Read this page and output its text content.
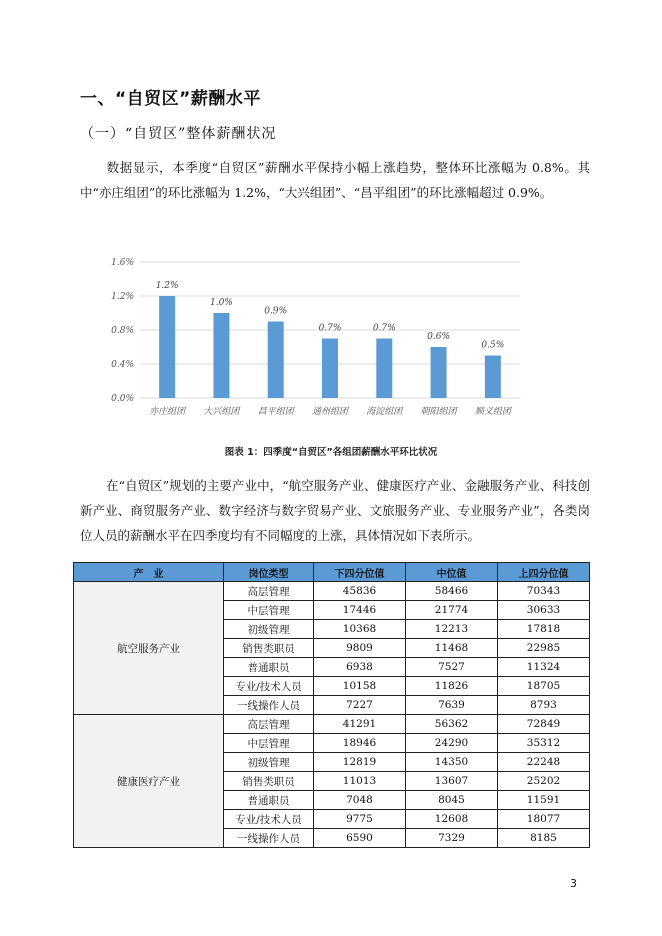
一、“自贸区”薪酬水平
（一）“自贸区”整体薪酬状况
数据显示，本季度“自贸区”薪酬水平保持小幅上涨趋势，整体环比涨幅为 0.8%。其中“亦庄组团”的环比涨幅为 1.2%，“大兴组团”、“昌平组团”的环比涨幅超过 0.9%。
0.0%
0.4%
0.8%
1.2%
1.6%
1.2%
亦庄组团
1.0%
大兴组团
0.9%
昌平组团
0.7%
通州组团
0.7%
海淀组团
0.6%
朝阳组团
0.5%
顺义组团
图表 1：四季度“自贸区”各组团薪酬水平环比状况
在“自贸区”规划的主要产业中，“航空服务产业、健康医疗产业、金融服务产业、科技创新产业、商贸服务产业、数字经济与数字贸易产业、文旅服务产业、专业服务产业”，各类岗位人员的薪酬水平在四季度均有不同幅度的上涨，具体情况如下表所示。
产　业	岗位类型	下四分位值	中位值	上四分位值
航空服务产业	高层管理	45836	58466	70343
	中层管理	17446	21774	30633
	初级管理	10368	12213	17818
	销售类职员	9809	11468	22985
	普通职员	6938	7527	11324
	专业/技术人员	10158	11826	18705
	一线操作人员	7227	7639	8793
健康医疗产业	高层管理	41291	56362	72849
	中层管理	18946	24290	35312
	初级管理	12819	14350	22248
	销售类职员	11013	13607	25202
	普通职员	7048	8045	11591
	专业/技术人员	9775	12608	18077
	一线操作人员	6590	7329	8185
3
